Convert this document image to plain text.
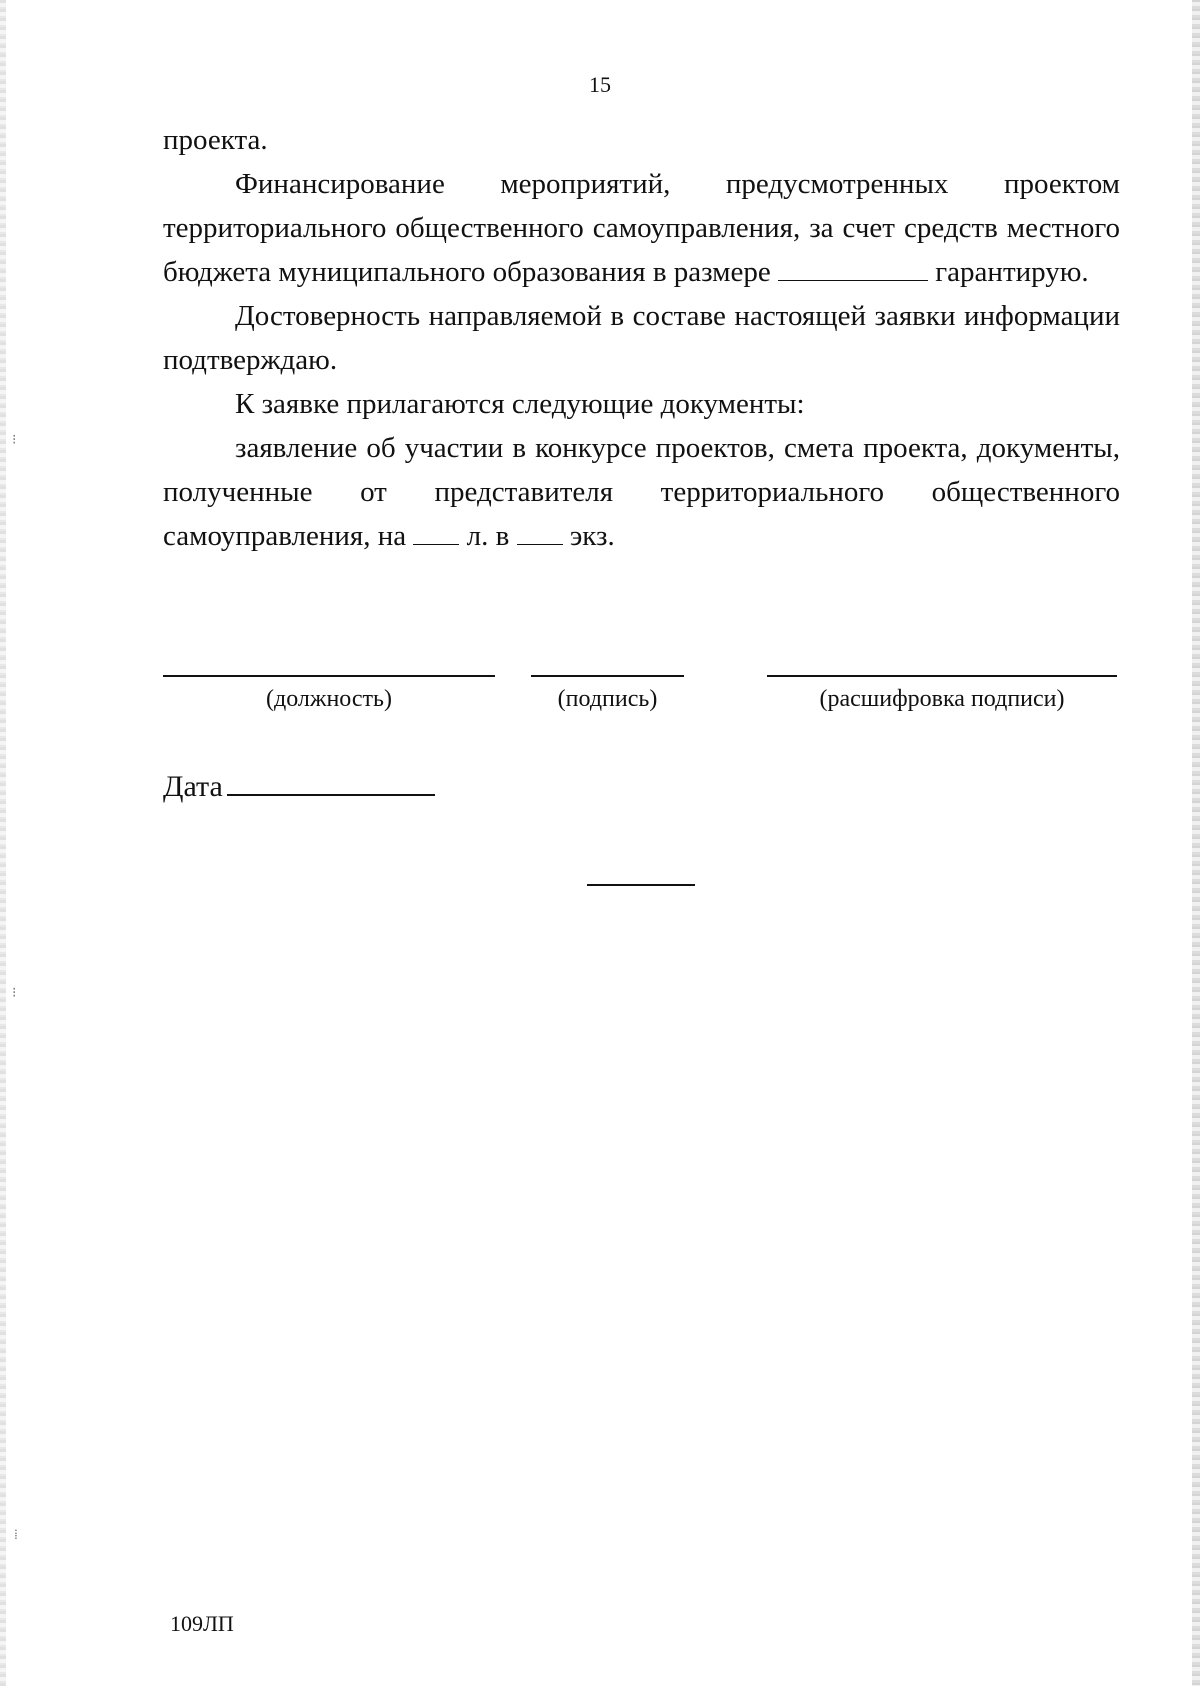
15

проекта.

Финансирование мероприятий, предусмотренных проектом территориального общественного самоуправления, за счет средств местного бюджета муниципального образования в размере	гарантирую.

Достоверность направляемой в составе настоящей заявки информации подтверждаю.

К заявке прилагаются следующие документы:

заявление об участии в конкурсе проектов, смета проекта, документы, полученные от представителя территориального общественного самоуправления, на  л. в  экз.

(должность)	(подпись)	(расшифровка подписи)
Дата
109ЛП
⁝
⁝
⁞
